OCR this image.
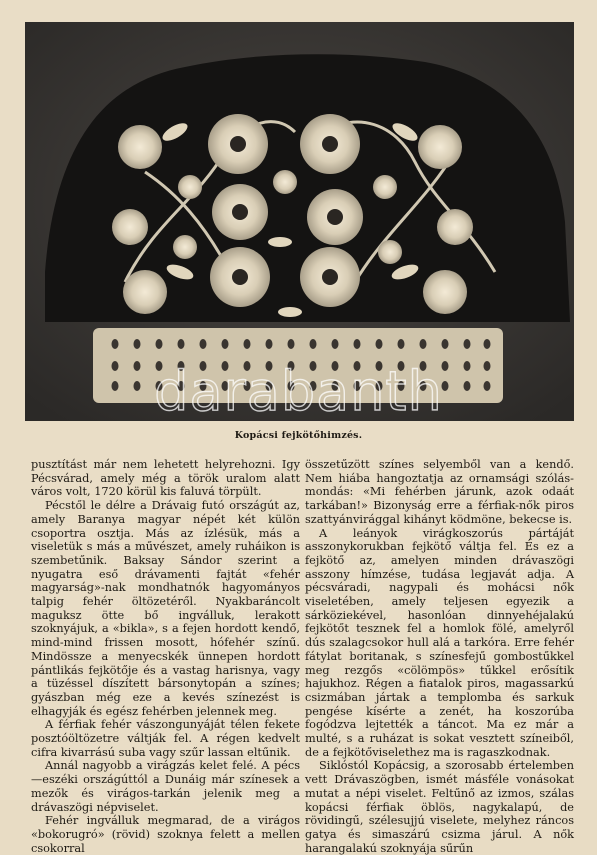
Kopácsi fejkötőhimzés.

pusztítást már nem lehetett helyrehozni. Igy Pécsvárad, amely még a török uralom alatt város volt, 1720 körül kis faluvá törpült.

Pécstől le délre a Drávaig futó országút az, amely Baranya magyar népét két külön csoportra osztja. Más az ízlésük, más a viseletük s más a művészet, amely ruháikon is szembetűnik. Baksay Sándor szerint a nyugatra eső drávamenti fajtát «fehér magyarság»-nak mondhatnók hagyományos talpig fehér öltözetéről. Nyakbaráncolt maguksz ötte bő ingválluk, lerakott szoknyájuk, a «bikla», s a fejen hordott kendő, mind-mind frissen mosott, hófehér színű. Mindössze a menyecskék ünnepen hordott pántlikás fejkötője és a vastag harisnya, vagy a tüzéssel díszített bársonytopán a színes; gyászban még eze a kevés színezést is elhagyják és egész fehérben jelennek meg.

A férfiak fehér vászongunyáját télen fekete posztóöltözetre váltják fel. A régen kedvelt cifra kivarrású suba vagy szűr lassan eltűnik.

Annál nagyobb a virágzás kelet felé. A pécs—eszéki országúttól a Dunáig már színesek a mezők és virágos-tarkán jelenik meg a drávaszögi népviselet.

Fehér ingválluk megmarad, de a virágos «bokorugró» (rövid) szoknya felett a mellen csokorral

összetűzött színes selyemből van a kendő. Nem hiába hangoztatja az ornamsági szólás-mondás: «Mi fehérben járunk, azok odaát tarkában!» Bizonyság erre a férfiak-nők piros szattyánvirággal kihányt ködmöne, bekecse is.

A leányok virágkoszorús pártáját asszonykorukban fejkötő váltja fel. És ez a fejkötő az, amelyen minden drávaszögi asszony hímzése, tudása legjavát adja. A pécsváradi, nagypali és mohácsi nők viseletében, amely teljesen egyezik a sárköziekével, hasonlóan dinnyehéjalakú fejkötőt tesznek fel a homlok fölé, amelyről dús szalagcsokor hull alá a tarkóra. Erre fehér fátylat boritanak, s színesfejű gombostűkkel meg rezgős «cölömpös» tűkkel erősítik hajukhoz. Régen a fiatalok piros, magassarkú csizmában jártak a templomba és sarkuk pengése kísérte a zenét, ha koszorúba fogódzva lejtették a táncot. Ma ez már a multé, s a ruházat is sokat vesztett színeiből, de a fejkötőviselethez ma is ragaszkodnak.

Siklóstól Kopácsig, a szorosabb értelemben vett Drávaszögben, ismét másféle vonásokat mutat a népi viselet. Feltűnő az izmos, szálas kopácsi férfiak öblös, nagykalapú, de rövidingű, szélesujjú viselete, melyhez ráncos gatya és simaszárú csizma járul. A nők harangalakú szoknyája sűrűn
